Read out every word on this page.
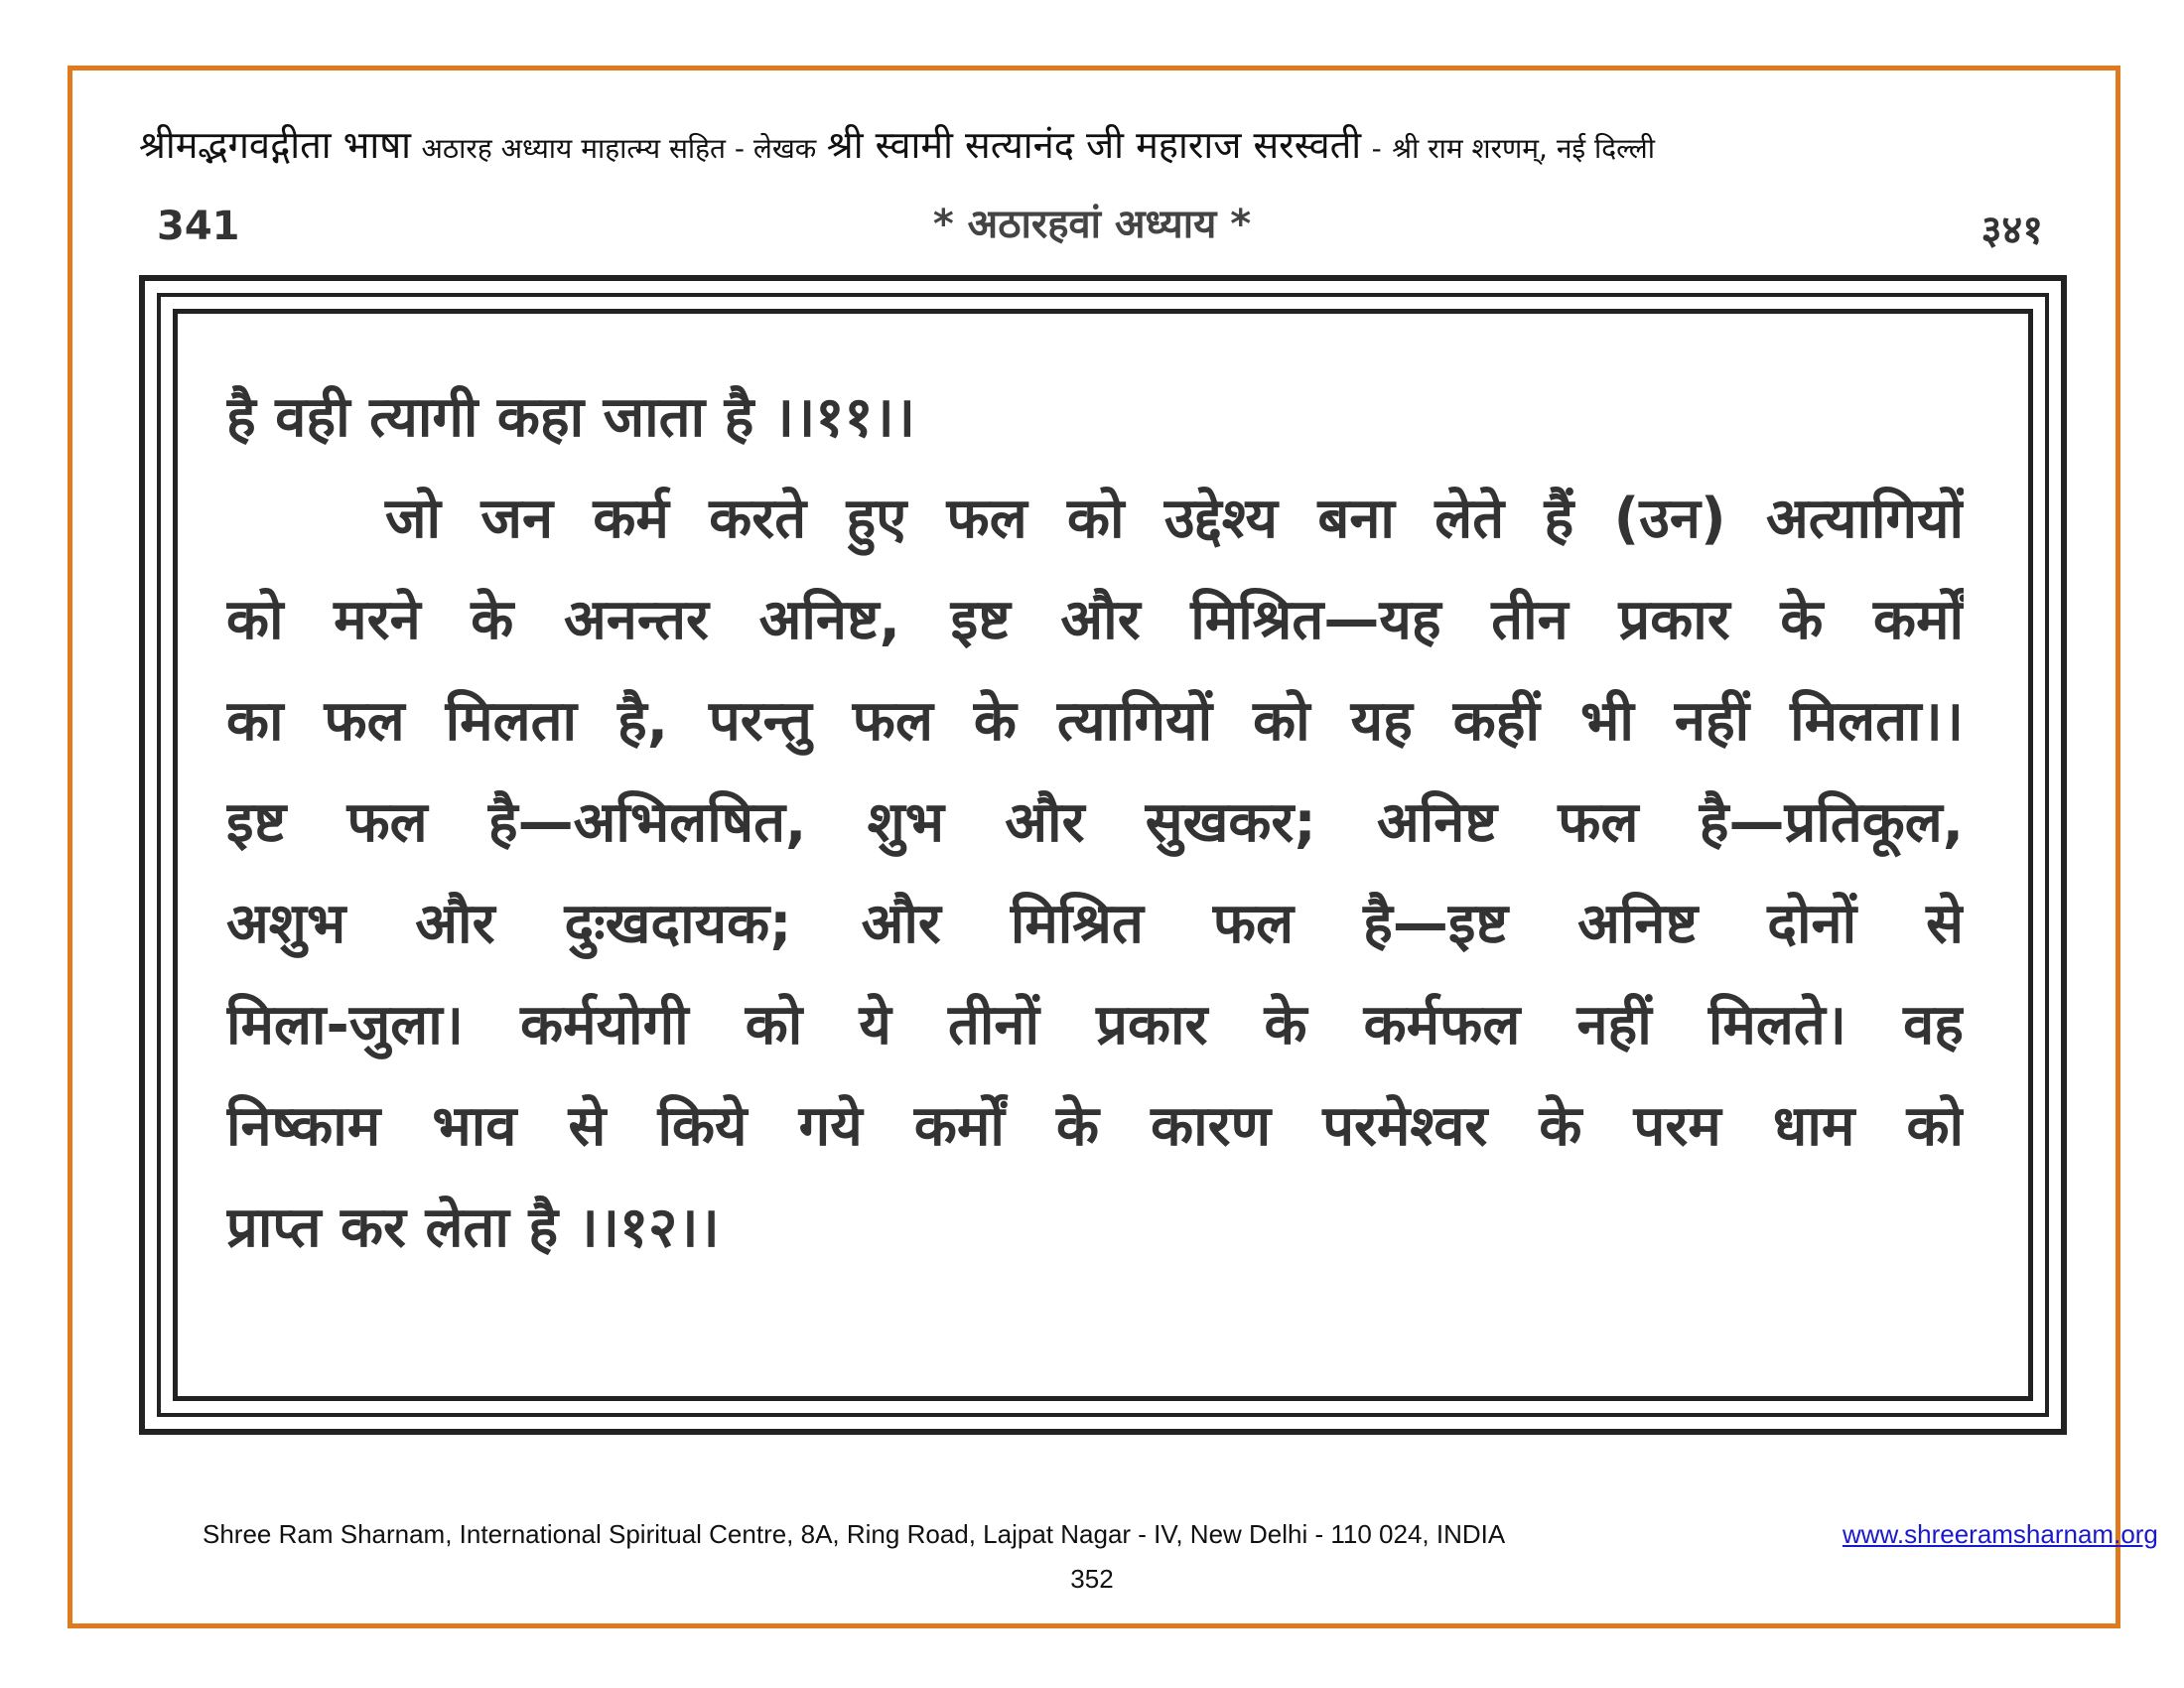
श्रीमद्भगवद्गीता भाषा अठारह अध्याय माहात्म्य सहित - लेखक श्री स्वामी सत्यानंद जी महाराज सरस्वती - श्री राम शरणम्, नई दिल्ली
341	* अठारहवां अध्याय *	३४१
है वही त्यागी कहा जाता है ।।११।।
जो जन कर्म करते हुए फल को उद्देश्य बना लेते हैं (उन) अत्यागियों
को मरने के अनन्तर अनिष्ट, इष्ट और मिश्रित—यह तीन प्रकार के कर्मों
का फल मिलता है, परन्तु फल के त्यागियों को यह कहीं भी नहीं मिलता।।
इष्ट फल है—अभिलषित, शुभ और सुखकर; अनिष्ट फल है—प्रतिकूल,
अशुभ और दुःखदायक; और मिश्रित फल है—इष्ट अनिष्ट दोनों से
मिला-जुला। कर्मयोगी को ये तीनों प्रकार के कर्मफल नहीं मिलते। वह
निष्काम भाव से किये गये कर्मों के कारण परमेश्वर के परम धाम को
प्राप्त कर लेता है ।।१२।।
Shree Ram Sharnam, International Spiritual Centre, 8A, Ring Road, Lajpat Nagar - IV, New Delhi - 110 024, INDIA	www.shreeramsharnam.org
352
